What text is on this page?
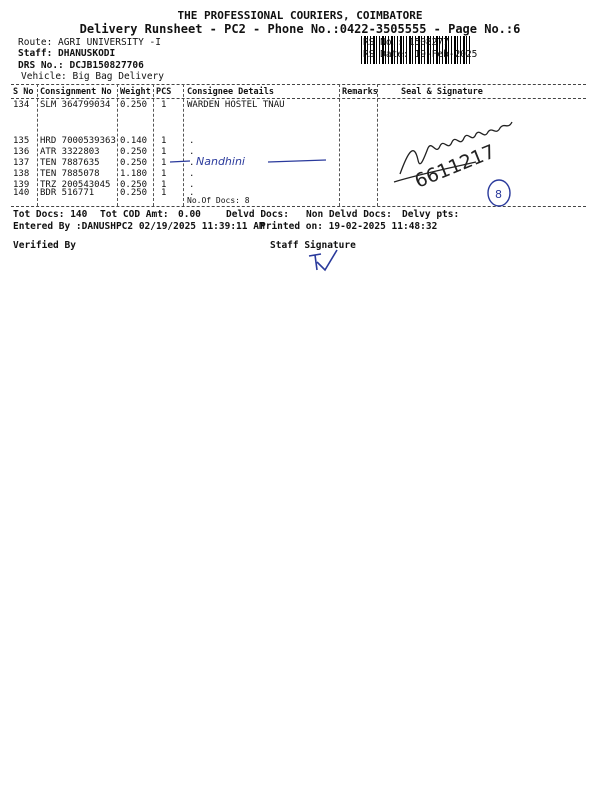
THE PROFESSIONAL COURIERS, COIMBATORE
Delivery Runsheet - PC2 - Phone No.:0422-3505555 - Page No.:6
Route: AGRI UNIVERSITY -I
Staff: DHANUSKODI
DRS No.: DCJB150827706
Vehicle: Big Bag Delivery
RS No.: 1508277
RS Date: 19-Feb-2025
S No Consignment No Weight PCS Consignee Details	Remarks	Seal & Signature
134 SLM 364799034 0.250 1 WARDEN HOSTEL TNAU
135 HRD 7000539363 0.140 1	.
136 ATR 3322803 0.250 1	.
137 TEN 7887635 0.250 1	.
138 TEN 7885078 1.180 1	.
139 TRZ 200543045 0.250 1	.
140 BDR 516771	0.250 1	.
No.Of Docs: 8
Nandhini	6611217
8
Tot Docs: 140 Tot COD Amt: 0.00	Delvd Docs: Non Delvd Docs: Delvy pts:
Entered By :DANUSHPC2 02/19/2025 11:39:11 AM
Printed on: 19-02-2025 11:48:32
Verified By	Staff Signature
